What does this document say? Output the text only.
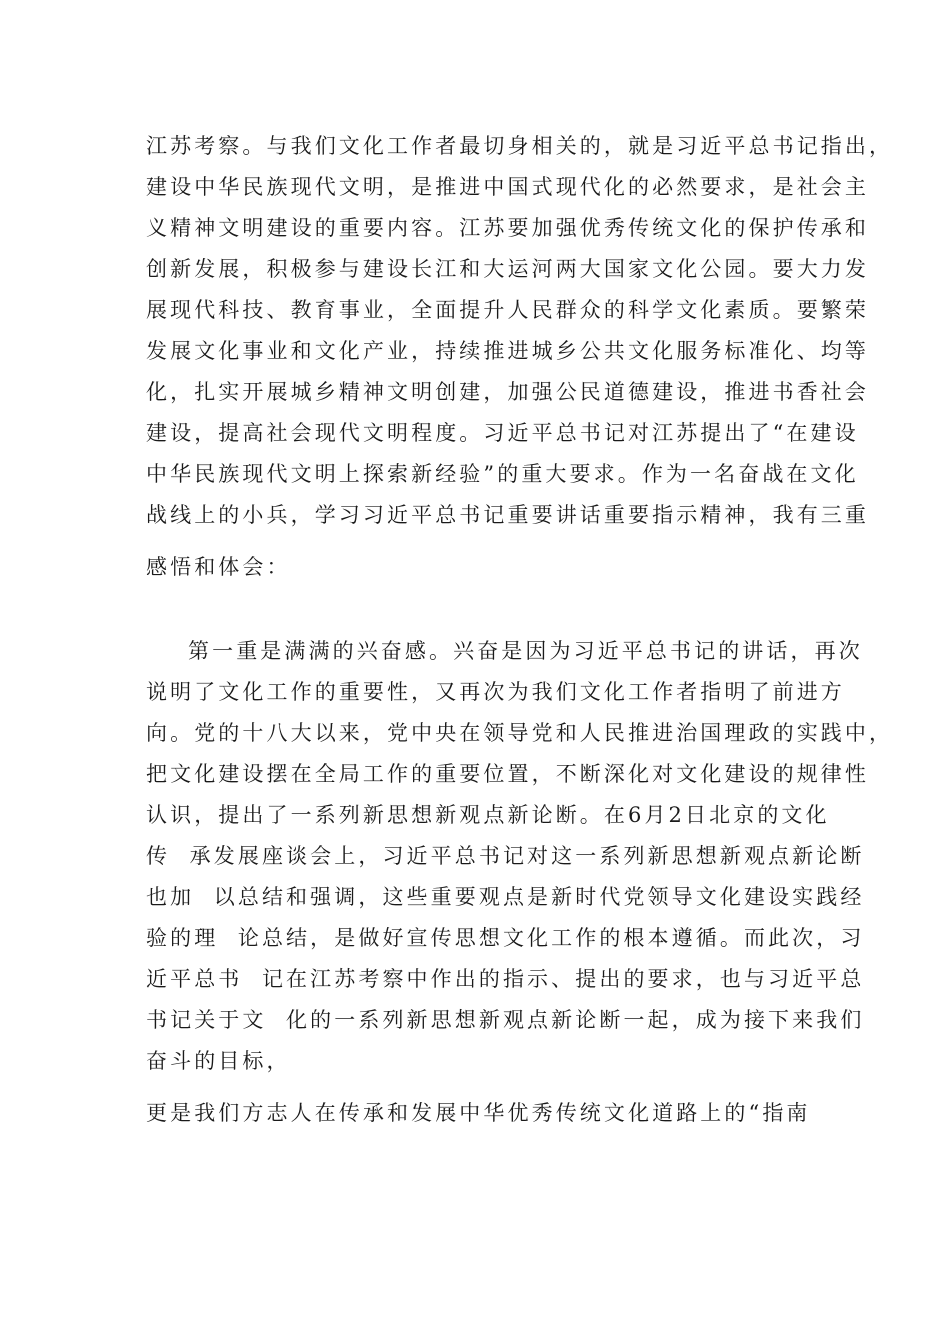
江苏考察。与我们文化工作者最切身相关的，就是习近平总书记指出，
建设中华民族现代文明，是推进中国式现代化的必然要求，是社会主
义精神文明建设的重要内容。江苏要加强优秀传统文化的保护传承和
创新发展，积极参与建设长江和大运河两大国家文化公园。要大力发
展现代科技、教育事业，全面提升人民群众的科学文化素质。要繁荣
发展文化事业和文化产业，持续推进城乡公共文化服务标准化、均等
化，扎实开展城乡精神文明创建，加强公民道德建设，推进书香社会
建设，提高社会现代文明程度。习近平总书记对江苏提出了“在建设
中华民族现代文明上探索新经验”的重大要求。作为一名奋战在文化
战线上的小兵，学习习近平总书记重要讲话重要指示精神，我有三重
感悟和体会：
第一重是满满的兴奋感。兴奋是因为习近平总书记的讲话，再次
说明了文化工作的重要性，又再次为我们文化工作者指明了前进方
向。党的十八大以来，党中央在领导党和人民推进治国理政的实践中，
把文化建设摆在全局工作的重要位置，不断深化对文化建设的规律性
认识，提出了一系列新思想新观点新论断。在6月2日北京的文化
传  承发展座谈会上，习近平总书记对这一系列新思想新观点新论断
也加  以总结和强调，这些重要观点是新时代党领导文化建设实践经
验的理  论总结，是做好宣传思想文化工作的根本遵循。而此次，习
近平总书  记在江苏考察中作出的指示、提出的要求，也与习近平总
书记关于文  化的一系列新思想新观点新论断一起，成为接下来我们
奋斗的目标，
更是我们方志人在传承和发展中华优秀传统文化道路上的“指南
